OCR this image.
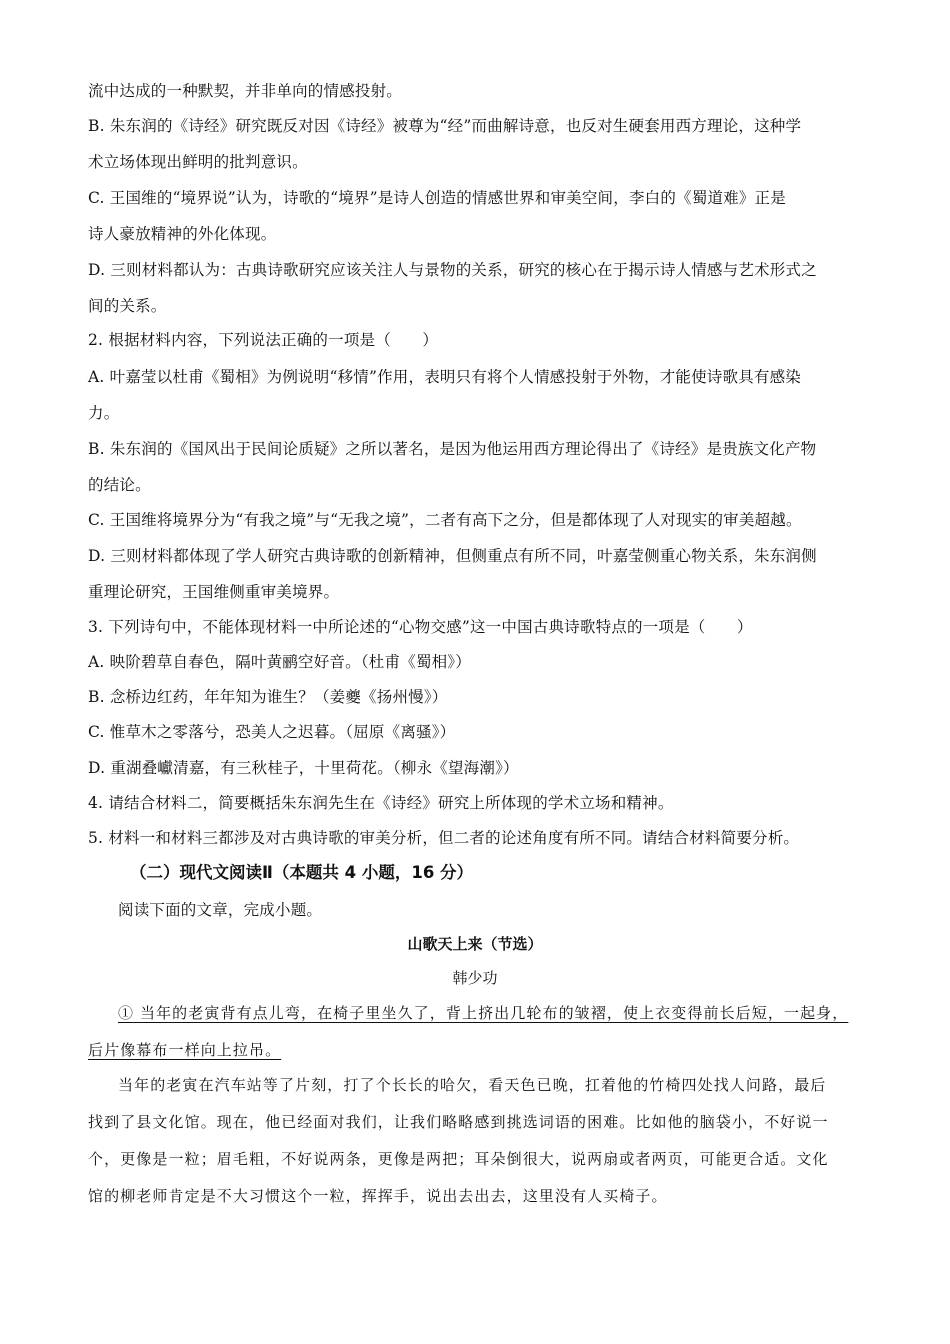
流中达成的一种默契，并非单向的情感投射。
B. 朱东润的《诗经》研究既反对因《诗经》被尊为“经”而曲解诗意，也反对生硬套用西方理论，这种学
术立场体现出鲜明的批判意识。
C. 王国维的“境界说”认为，诗歌的“境界”是诗人创造的情感世界和审美空间，李白的《蜀道难》正是
诗人豪放精神的外化体现。
D. 三则材料都认为：古典诗歌研究应该关注人与景物的关系，研究的核心在于揭示诗人情感与艺术形式之
间的关系。
2. 根据材料内容，下列说法正确的一项是（　　）
A. 叶嘉莹以杜甫《蜀相》为例说明“移情”作用，表明只有将个人情感投射于外物，才能使诗歌具有感染
力。
B. 朱东润的《国风出于民间论质疑》之所以著名，是因为他运用西方理论得出了《诗经》是贵族文化产物
的结论。
C. 王国维将境界分为“有我之境”与“无我之境”，二者有高下之分，但是都体现了人对现实的审美超越。
D. 三则材料都体现了学人研究古典诗歌的创新精神，但侧重点有所不同，叶嘉莹侧重心物关系，朱东润侧
重理论研究，王国维侧重审美境界。
3. 下列诗句中，不能体现材料一中所论述的“心物交感”这一中国古典诗歌特点的一项是（　　）
A. 映阶碧草自春色，隔叶黄鹂空好音。（杜甫《蜀相》）
B. 念桥边红药，年年知为谁生？（姜夔《扬州慢》）
C. 惟草木之零落兮，恐美人之迟暮。（屈原《离骚》）
D. 重湖叠巘清嘉，有三秋桂子，十里荷花。（柳永《望海潮》）
4. 请结合材料二，简要概括朱东润先生在《诗经》研究上所体现的学术立场和精神。
5. 材料一和材料三都涉及对古典诗歌的审美分析，但二者的论述角度有所不同。请结合材料简要分析。
（二）现代文阅读Ⅱ（本题共 4 小题，16 分）
阅读下面的文章，完成小题。
山歌天上来（节选）
韩少功
① 当年的老寅背有点儿弯，在椅子里坐久了，背上挤出几轮布的皱褶，使上衣变得前长后短，一起身，
后片像幕布一样向上拉吊。
当年的老寅在汽车站等了片刻，打了个长长的哈欠，看天色已晚，扛着他的竹椅四处找人问路，最后
找到了县文化馆。现在，他已经面对我们，让我们略略感到挑选词语的困难。比如他的脑袋小，不好说一
个，更像是一粒；眉毛粗，不好说两条，更像是两把；耳朵倒很大，说两扇或者两页，可能更合适。文化
馆的柳老师肯定是不大习惯这个一粒，挥挥手，说出去出去，这里没有人买椅子。
